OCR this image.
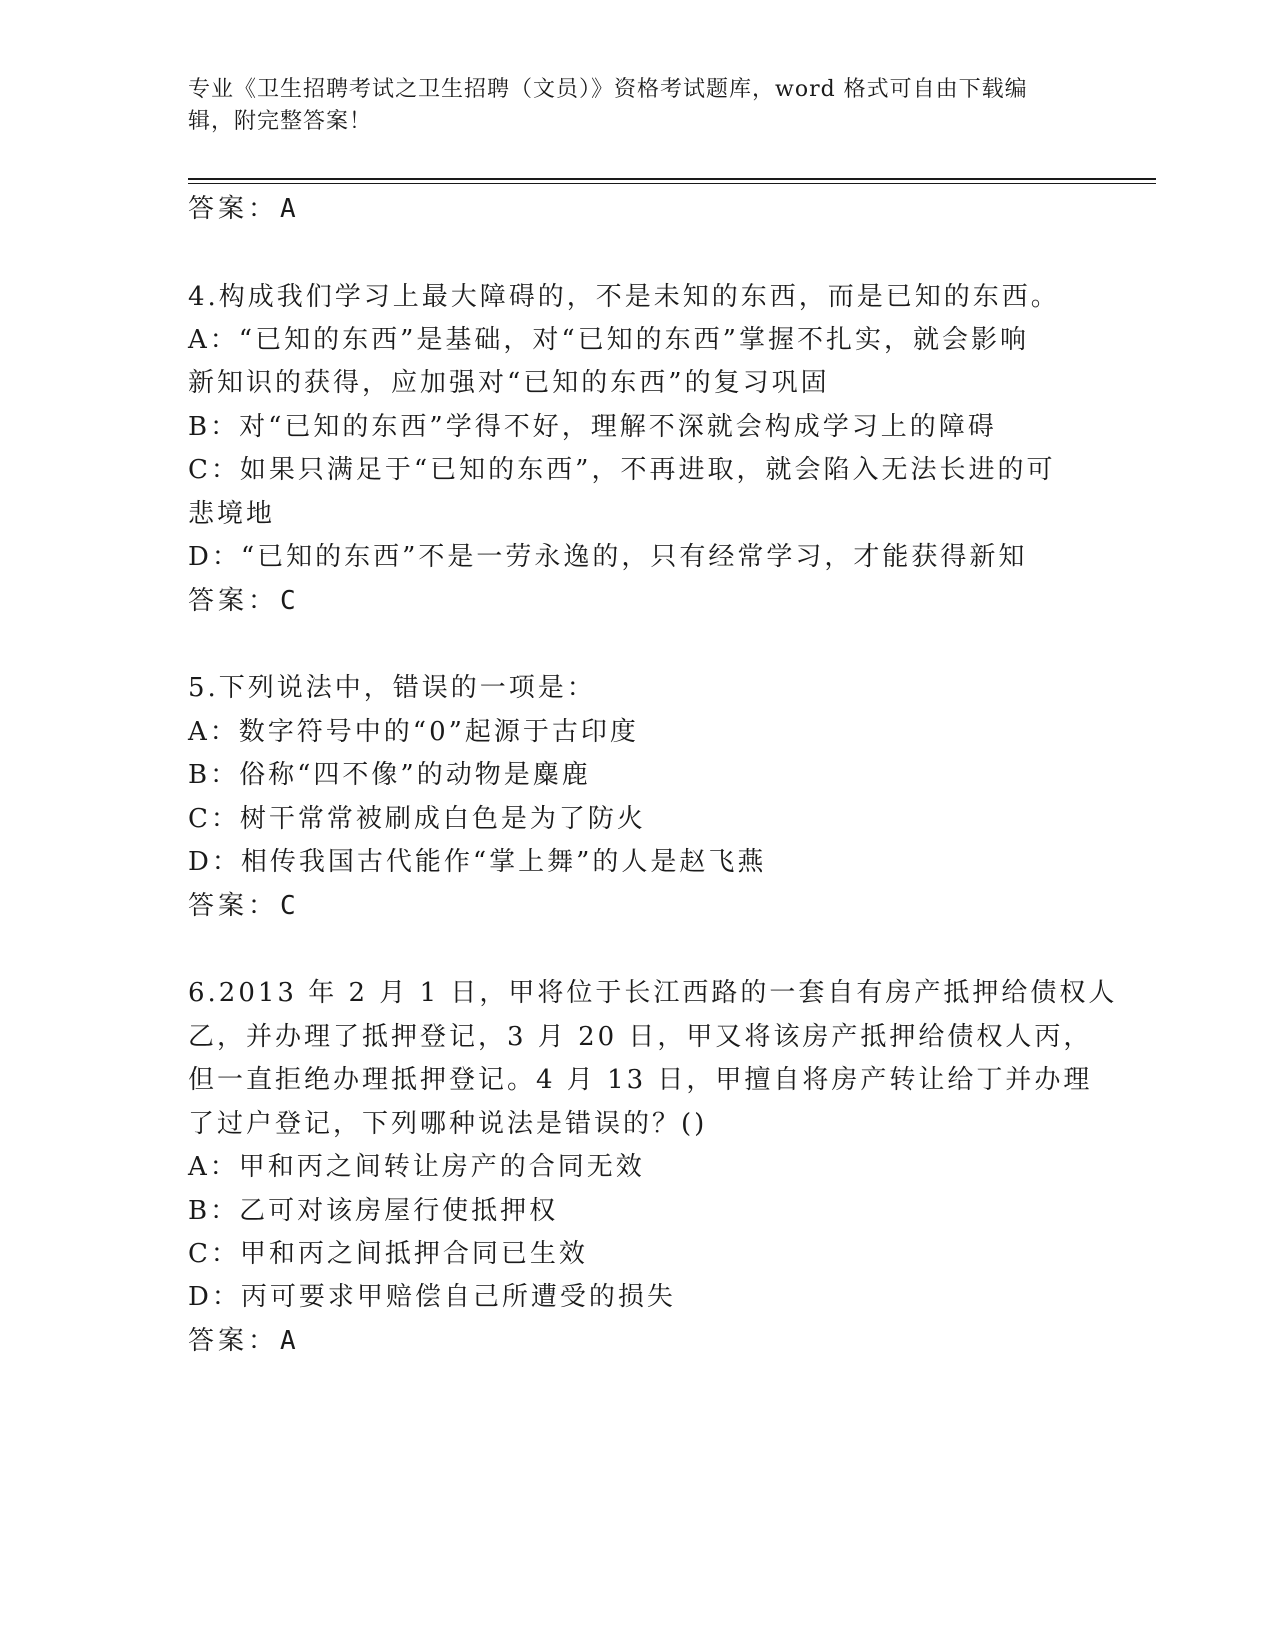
专业《卫生招聘考试之卫生招聘（文员）》资格考试题库，word 格式可自由下载编辑，附完整答案！
答案：A
4.构成我们学习上最大障碍的，不是未知的东西，而是已知的东西。
A：“已知的东西”是基础，对“已知的东西”掌握不扎实，就会影响
新知识的获得，应加强对“已知的东西”的复习巩固
B：对“已知的东西”学得不好，理解不深就会构成学习上的障碍
C：如果只满足于“已知的东西”，不再进取，就会陷入无法长进的可
悲境地
D：“已知的东西”不是一劳永逸的，只有经常学习，才能获得新知
答案：C
5.下列说法中，错误的一项是：
A：数字符号中的“0”起源于古印度
B：俗称“四不像”的动物是麋鹿
C：树干常常被刷成白色是为了防火
D：相传我国古代能作“掌上舞”的人是赵飞燕
答案：C
6.2013 年 2 月 1 日，甲将位于长江西路的一套自有房产抵押给债权人
乙，并办理了抵押登记，3 月 20 日，甲又将该房产抵押给债权人丙，
但一直拒绝办理抵押登记。4 月 13 日，甲擅自将房产转让给丁并办理
了过户登记，下列哪种说法是错误的？()
A：甲和丙之间转让房产的合同无效
B：乙可对该房屋行使抵押权
C：甲和丙之间抵押合同已生效
D：丙可要求甲赔偿自己所遭受的损失
答案：A
